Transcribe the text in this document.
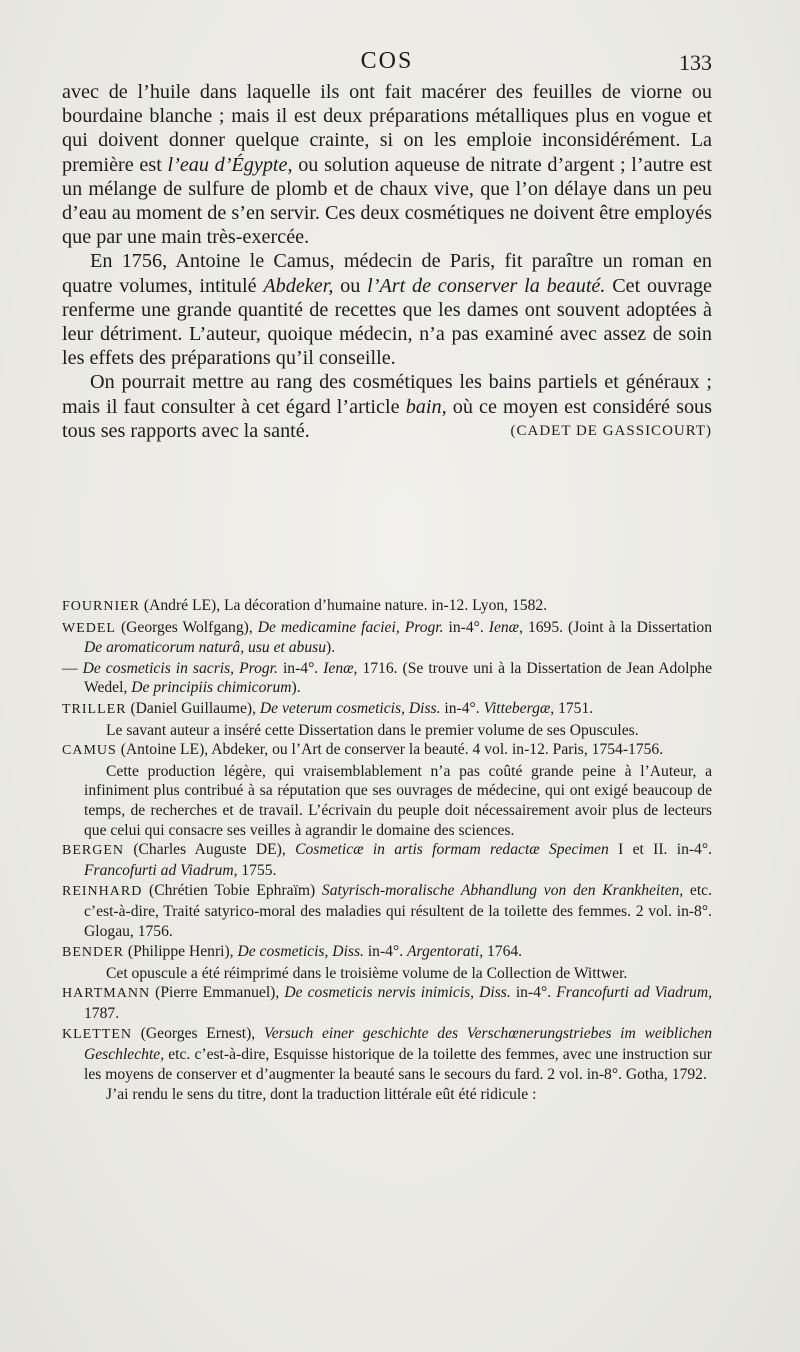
COS	133

avec de l’huile dans laquelle ils ont fait macérer des feuilles de viorne ou bourdaine blanche ; mais il est deux préparations métalliques plus en vogue et qui doivent donner quelque crainte, si on les emploie inconsidérément. La première est l’eau d’Égypte, ou solution aqueuse de nitrate d’argent ; l’autre est un mélange de sulfure de plomb et de chaux vive, que l’on délaye dans un peu d’eau au moment de s’en servir. Ces deux cosmétiques ne doivent être employés que par une main très-exercée.

En 1756, Antoine le Camus, médecin de Paris, fit paraître un roman en quatre volumes, intitulé Abdeker, ou l’Art de conserver la beauté. Cet ouvrage renferme une grande quantité de recettes que les dames ont souvent adoptées à leur détriment. L’auteur, quoique médecin, n’a pas examiné avec assez de soin les effets des préparations qu’il conseille.

On pourrait mettre au rang des cosmétiques les bains partiels et généraux ; mais il faut consulter à cet égard l’article bain, où ce moyen est considéré sous tous ses rapports avec la santé.	(CADET DE GASSICOURT)

FOURNIER (André LE), La décoration d’humaine nature. in-12. Lyon, 1582.

WEDEL (Georges Wolfgang), De medicamine faciei, Progr. in-4°. Ienæ, 1695. (Joint à la Dissertation De aromaticorum naturâ, usu et abusu).

— De cosmeticis in sacris, Progr. in-4°. Ienæ, 1716. (Se trouve uni à la Dissertation de Jean Adolphe Wedel, De principiis chimicorum).

TRILLER (Daniel Guillaume), De veterum cosmeticis, Diss. in-4°. Vittebergæ, 1751.

Le savant auteur a inséré cette Dissertation dans le premier volume de ses Opuscules.

CAMUS (Antoine LE), Abdeker, ou l’Art de conserver la beauté. 4 vol. in-12. Paris, 1754-1756.

Cette production légère, qui vraisemblablement n’a pas coûté grande peine à l’Auteur, a infiniment plus contribué à sa réputation que ses ouvrages de médecine, qui ont exigé beaucoup de temps, de recherches et de travail. L’écrivain du peuple doit nécessairement avoir plus de lecteurs que celui qui consacre ses veilles à agrandir le domaine des sciences.

BERGEN (Charles Auguste DE), Cosmeticæ in artis formam redactæ Specimen I et II. in-4°. Francofurti ad Viadrum, 1755.

REINHARD (Chrétien Tobie Ephraïm) Satyrisch-moralische Abhandlung von den Krankheiten, etc. c’est-à-dire, Traité satyrico-moral des maladies qui résultent de la toilette des femmes. 2 vol. in-8°. Glogau, 1756.

BENDER (Philippe Henri), De cosmeticis, Diss. in-4°. Argentorati, 1764.

Cet opuscule a été réimprimé dans le troisième volume de la Collection de Wittwer.

HARTMANN (Pierre Emmanuel), De cosmeticis nervis inimicis, Diss. in-4°. Francofurti ad Viadrum, 1787.

KLETTEN (Georges Ernest), Versuch einer geschichte des Verschœnerungstriebes im weiblichen Geschlechte, etc. c’est-à-dire, Esquisse historique de la toilette des femmes, avec une instruction sur les moyens de conserver et d’augmenter la beauté sans le secours du fard. 2 vol. in-8°. Gotha, 1792.

J’ai rendu le sens du titre, dont la traduction littérale eût été ridicule :
